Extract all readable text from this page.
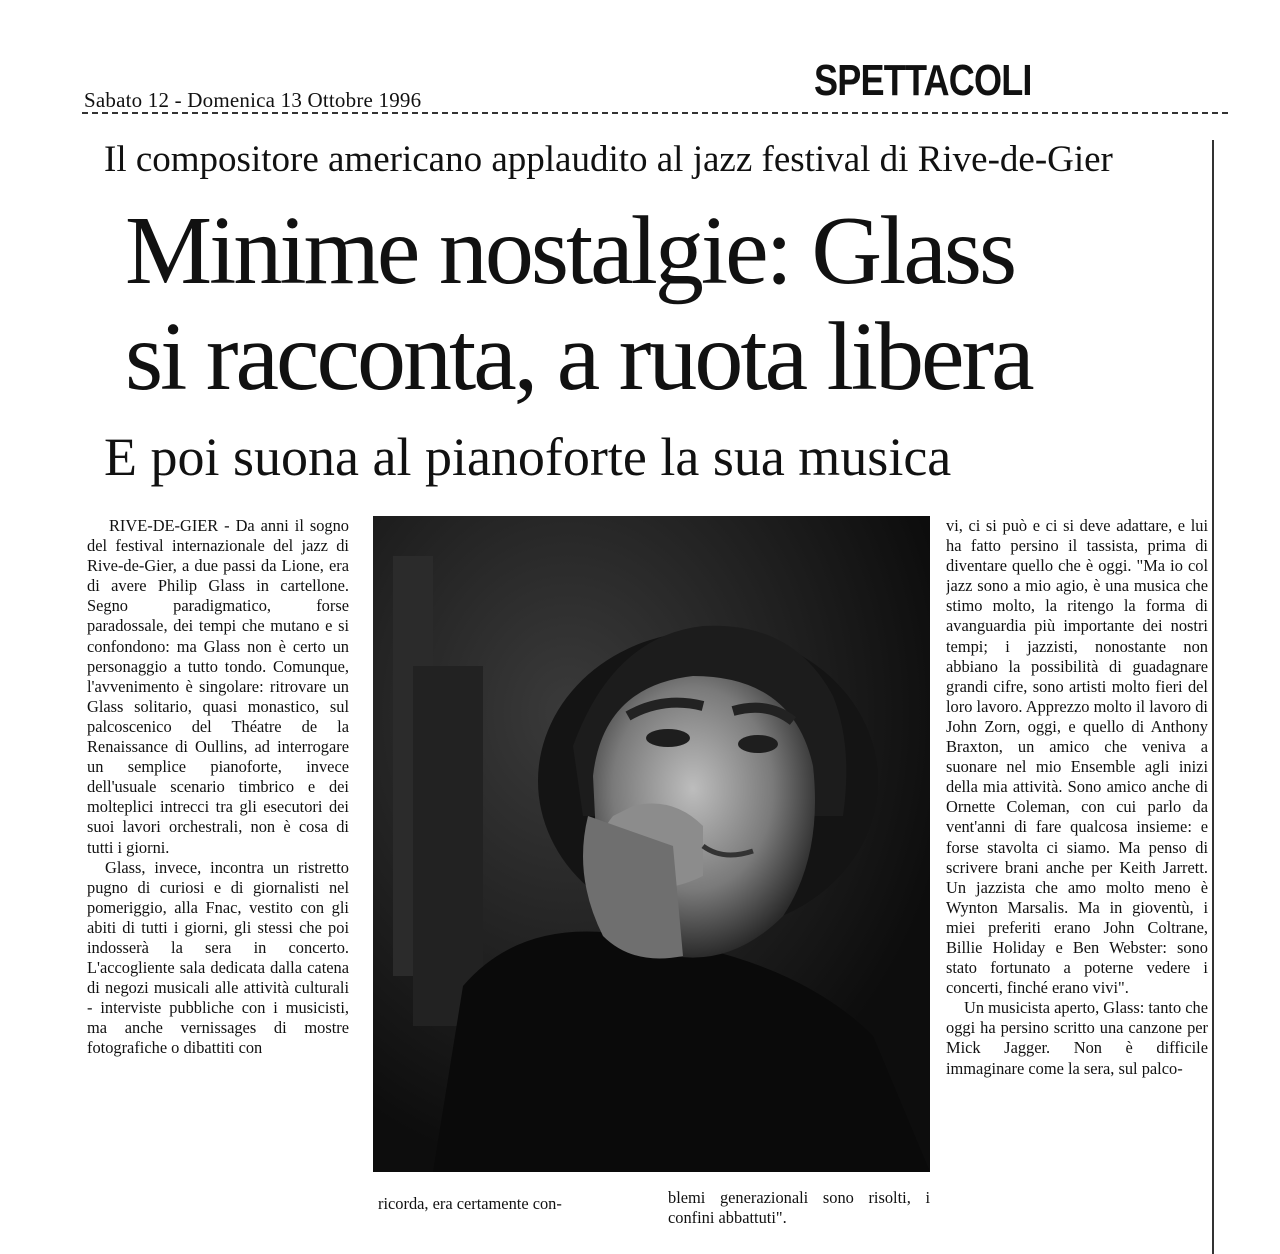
Sabato 12 - Domenica 13 Ottobre 1996	SPETTACOLI
Il compositore americano applaudito al jazz festival di Rive-de-Gier
Minime nostalgie: Glass
si racconta, a ruota libera
E poi suona al pianoforte la sua musica

RIVE-DE-GIER - Da anni il sogno del festival internazionale del jazz di Rive-de-Gier, a due passi da Lione, era di avere Philip Glass in cartellone. Segno paradigmatico, forse paradossale, dei tempi che mutano e si confondono: ma Glass non è certo un personaggio a tutto tondo. Comunque, l'avvenimento è singolare: ritrovare un Glass solitario, quasi monastico, sul palcoscenico del Théatre de la Renaissance di Oullins, ad interrogare un semplice pianoforte, invece dell'usuale scenario timbrico e dei molteplici intrecci tra gli esecutori dei suoi lavori orchestrali, non è cosa di tutti i giorni.

Glass, invece, incontra un ristretto pugno di curiosi e di giornalisti nel pomeriggio, alla Fnac, vestito con gli abiti di tutti i giorni, gli stessi che poi indosserà la sera in concerto. L'accogliente sala dedicata dalla catena di negozi musicali alle attività culturali - interviste pubbliche con i musicisti, ma anche vernissages di mostre fotografiche o dibattiti con

ricorda, era certamente con-	blemi generazionali sono risolti, i confini abbattuti".

vi, ci si può e ci si deve adattare, e lui ha fatto persino il tassista, prima di diventare quello che è oggi. "Ma io col jazz sono a mio agio, è una musica che stimo molto, la ritengo la forma di avanguardia più importante dei nostri tempi; i jazzisti, nonostante non abbiano la possibilità di guadagnare grandi cifre, sono artisti molto fieri del loro lavoro. Apprezzo molto il lavoro di John Zorn, oggi, e quello di Anthony Braxton, un amico che veniva a suonare nel mio Ensemble agli inizi della mia attività. Sono amico anche di Ornette Coleman, con cui parlo da vent'anni di fare qualcosa insieme: e forse stavolta ci siamo. Ma penso di scrivere brani anche per Keith Jarrett. Un jazzista che amo molto meno è Wynton Marsalis. Ma in gioventù, i miei preferiti erano John Coltrane, Billie Holiday e Ben Webster: sono stato fortunato a poterne vedere i concerti, finché erano vivi".

Un musicista aperto, Glass: tanto che oggi ha persino scritto una canzone per Mick Jagger. Non è difficile immaginare come la sera, sul palco-
